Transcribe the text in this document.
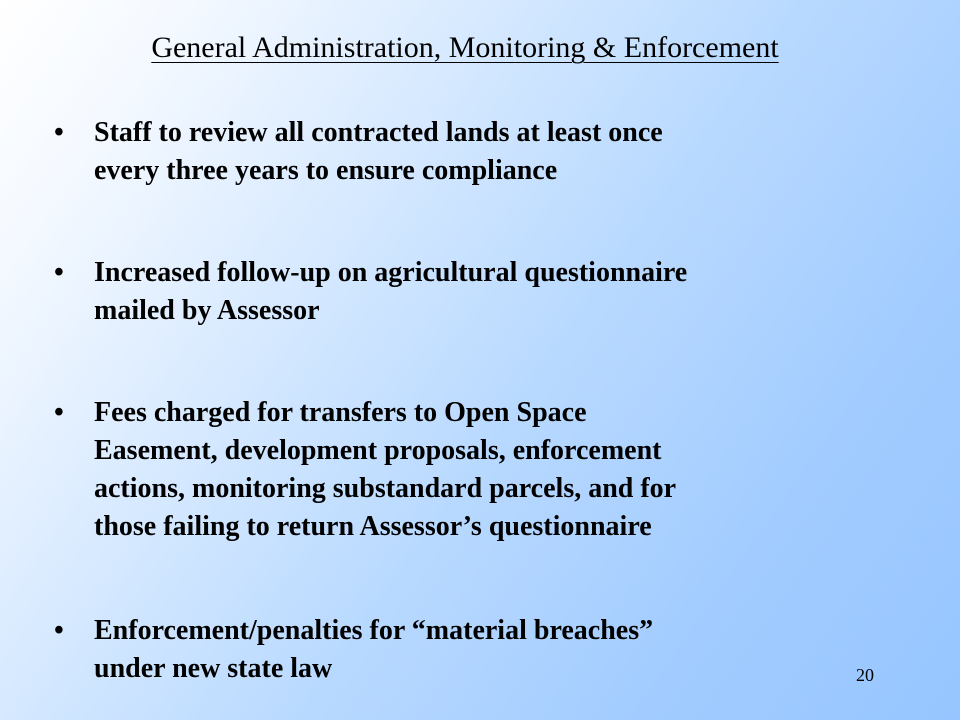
General Administration, Monitoring & Enforcement
• Staff to review all contracted lands at least once
every three years to ensure compliance
• Increased follow-up on agricultural questionnaire
mailed by Assessor
• Fees charged for transfers to Open Space
Easement, development proposals, enforcement
actions, monitoring substandard parcels, and for
those failing to return Assessor’s questionnaire
• Enforcement/penalties for “material breaches”
under new state law	20
